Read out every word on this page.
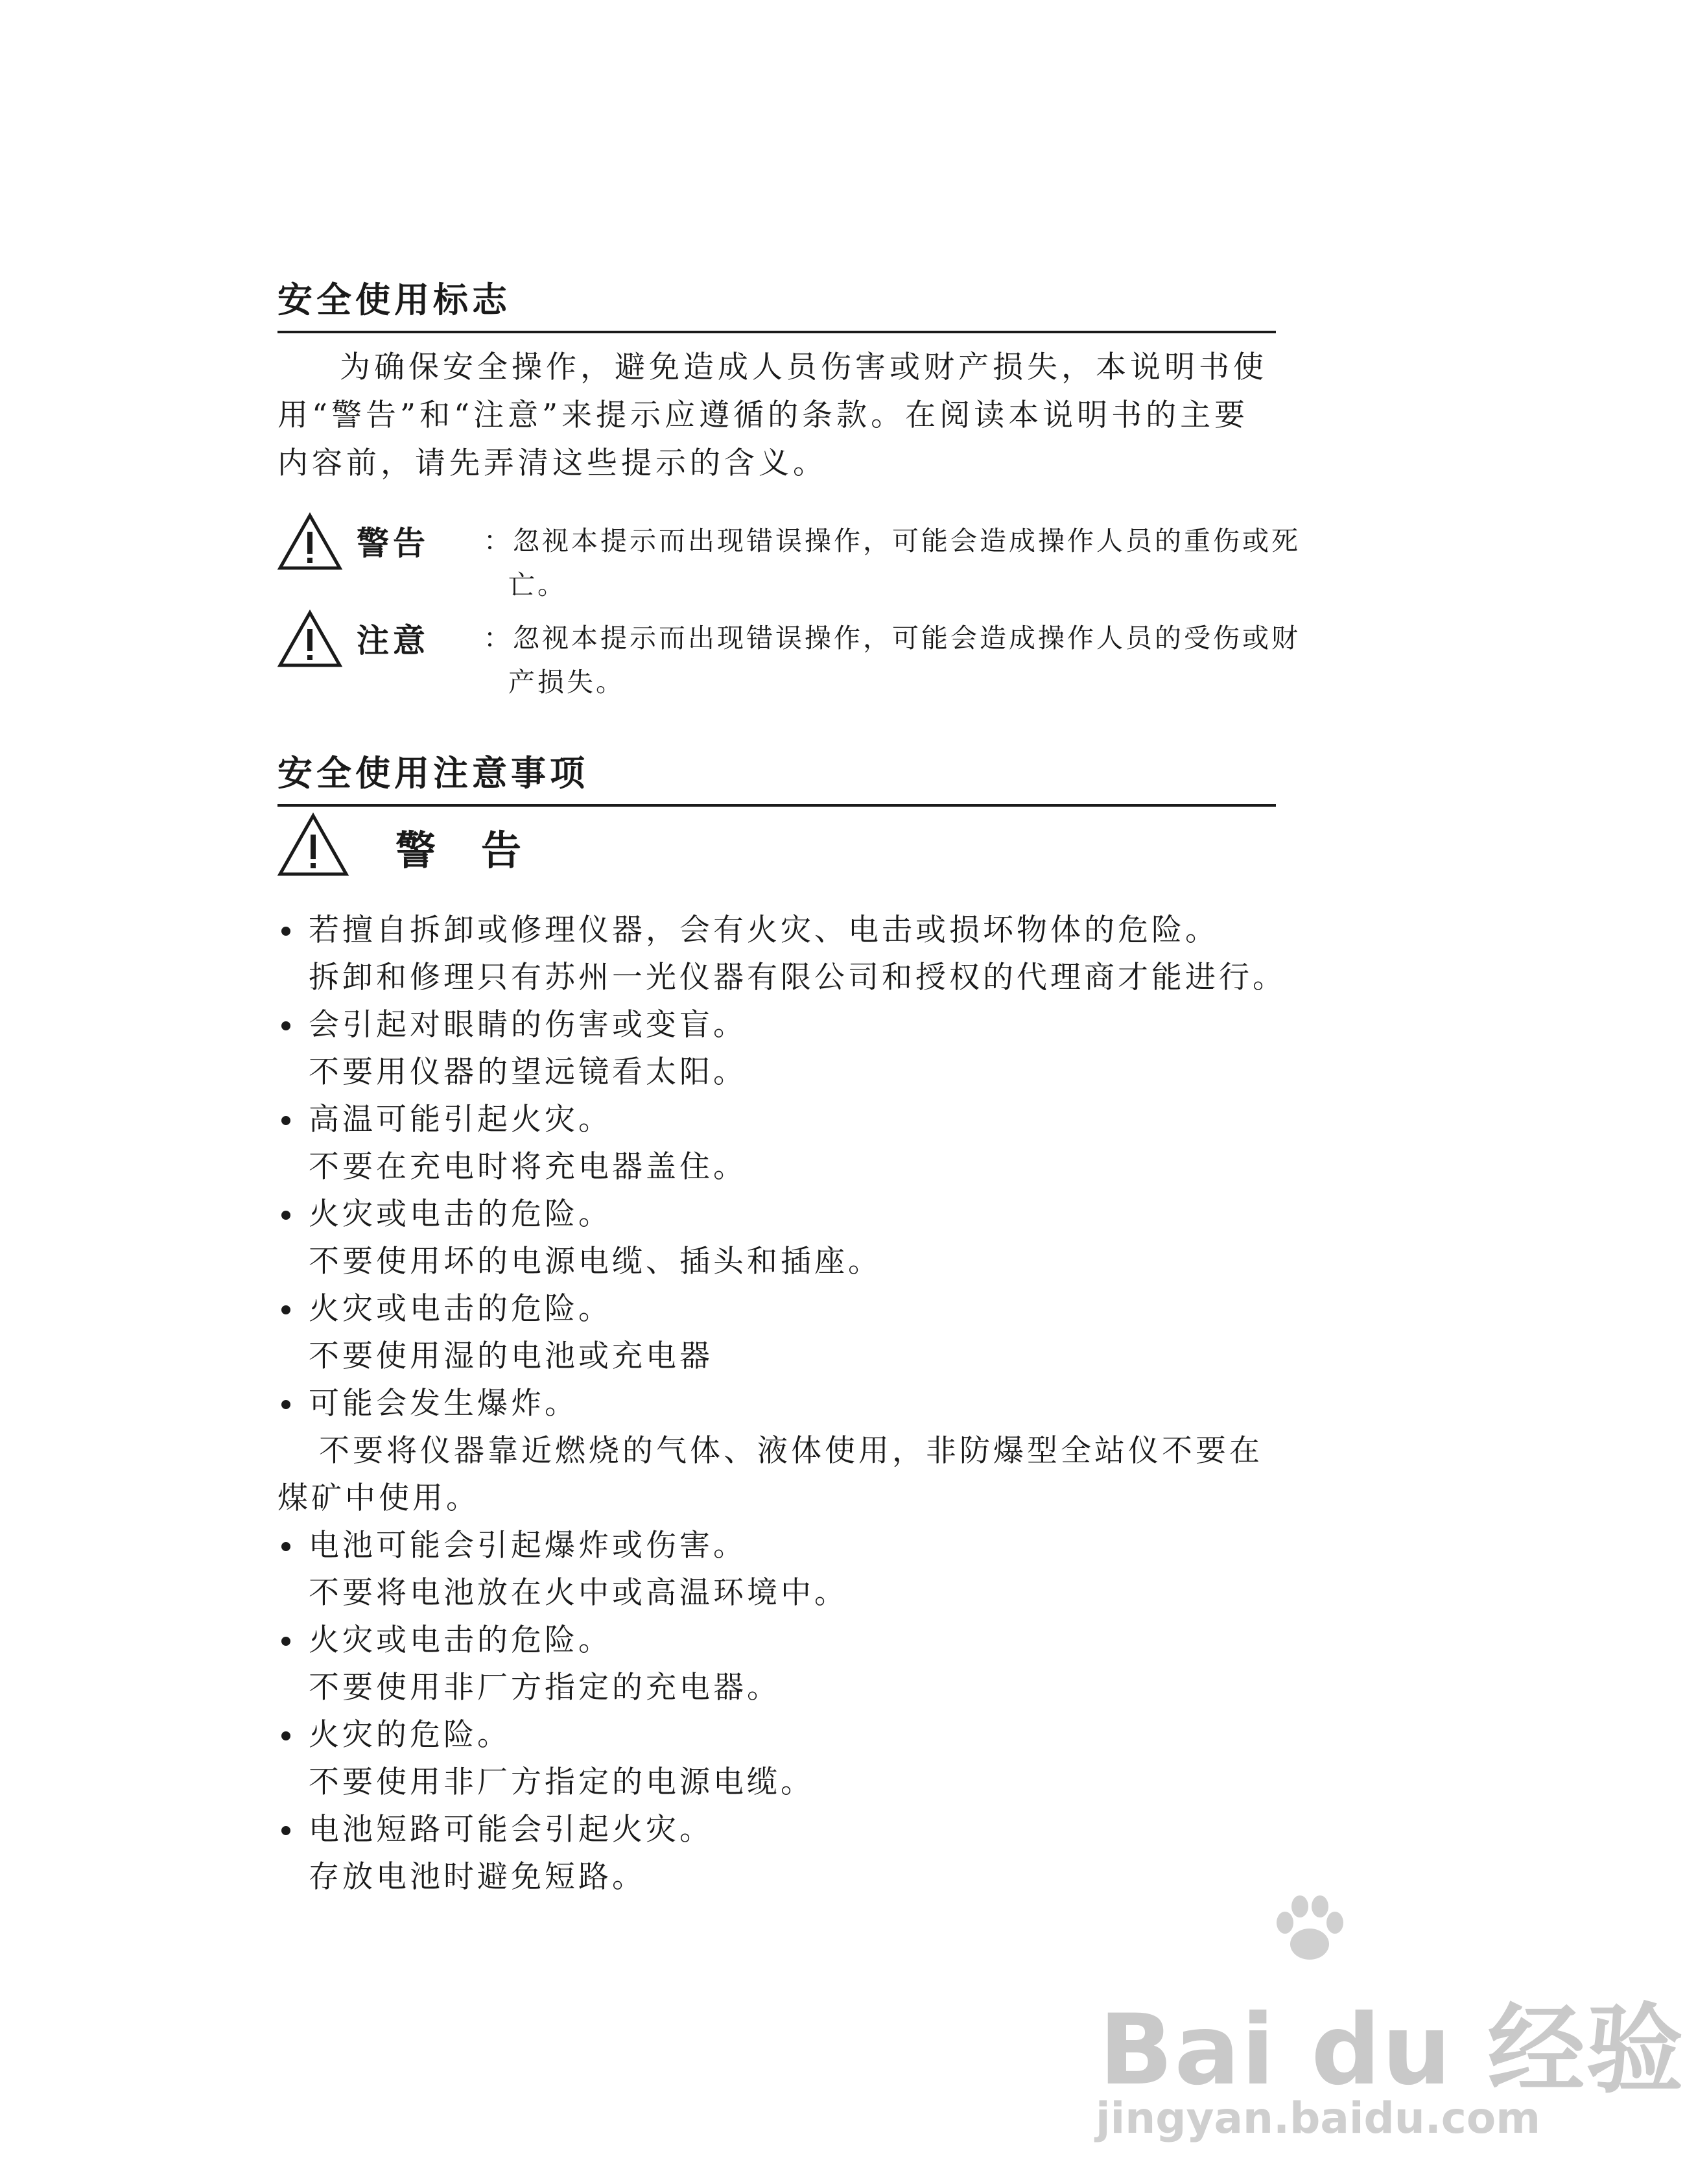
安全使用标志
为确保安全操作，避免造成人员伤害或财产损失，本说明书使用“警告”和“注意”来提示应遵循的条款。在阅读本说明书的主要内容前，请先弄清这些提示的含义。
警告 ：忽视本提示而出现错误操作，可能会造成操作人员的重伤或死亡。
注意 ：忽视本提示而出现错误操作，可能会造成操作人员的受伤或财产损失。
安全使用注意事项
警告
若擅自拆卸或修理仪器，会有火灾、电击或损坏物体的危险。
拆卸和修理只有苏州一光仪器有限公司和授权的代理商才能进行。
会引起对眼睛的伤害或变盲。
不要用仪器的望远镜看太阳。
高温可能引起火灾。
不要在充电时将充电器盖住。
火灾或电击的危险。
不要使用坏的电源电缆、插头和插座。
火灾或电击的危险。
不要使用湿的电池或充电器
可能会发生爆炸。
不要将仪器靠近燃烧的气体、液体使用，非防爆型全站仪不要在煤矿中使用。
电池可能会引起爆炸或伤害。
不要将电池放在火中或高温环境中。
火灾或电击的危险。
不要使用非厂方指定的充电器。
火灾的危险。
不要使用非厂方指定的电源电缆。
电池短路可能会引起火灾。
存放电池时避免短路。
Bai du 经验
jingyan.baidu.com
